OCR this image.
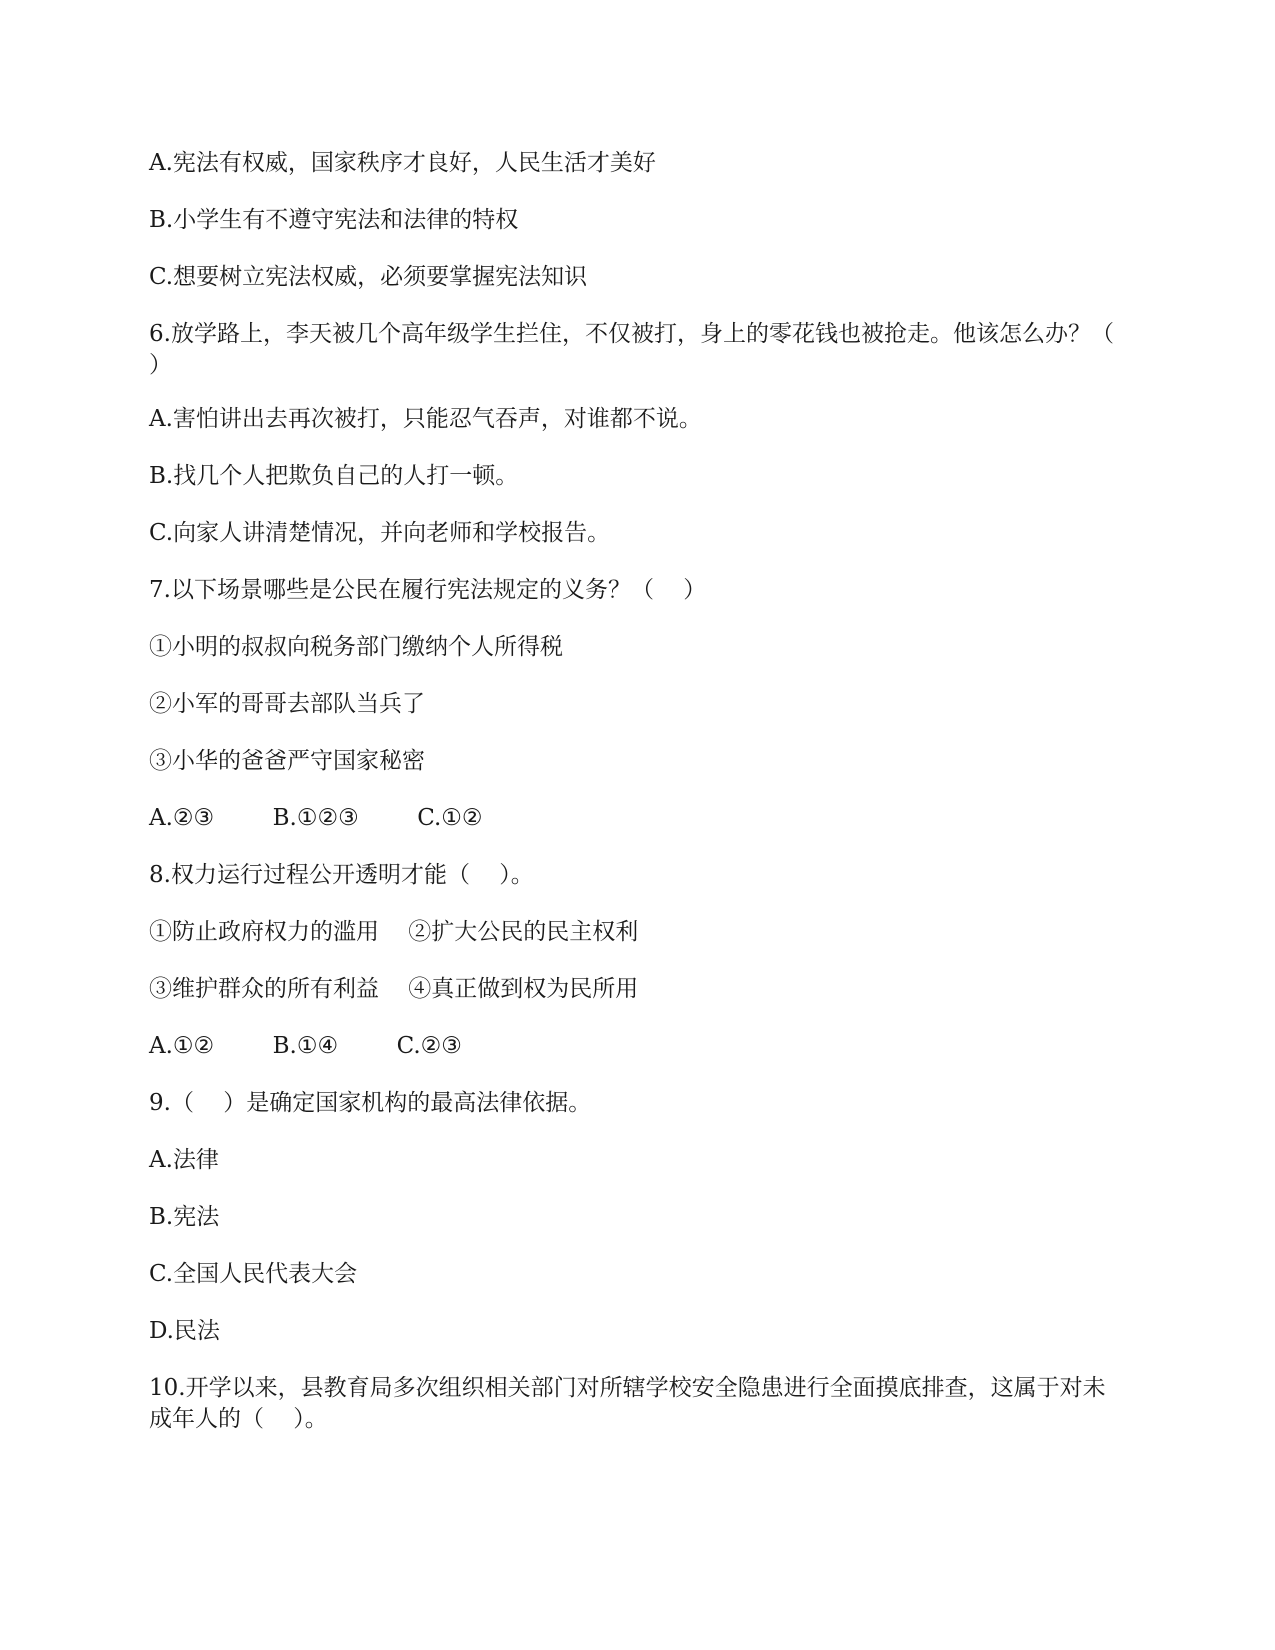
A.宪法有权威，国家秩序才良好，人民生活才美好

B.小学生有不遵守宪法和法律的特权

C.想要树立宪法权威，必须要掌握宪法知识

6.放学路上，李天被几个高年级学生拦住，不仅被打，身上的零花钱也被抢走。他该怎么办？（    ）

A.害怕讲出去再次被打，只能忍气吞声，对谁都不说。

B.找几个人把欺负自己的人打一顿。

C.向家人讲清楚情况，并向老师和学校报告。

7.以下场景哪些是公民在履行宪法规定的义务？（    ）

①小明的叔叔向税务部门缴纳个人所得税

②小军的哥哥去部队当兵了

③小华的爸爸严守国家秘密

A.②③        B.①②③        C.①②

8.权力运行过程公开透明才能（    ）。

①防止政府权力的滥用    ②扩大公民的民主权利

③维护群众的所有利益    ④真正做到权为民所用

A.①②        B.①④        C.②③

9.（    ）是确定国家机构的最高法律依据。

A.法律

B.宪法

C.全国人民代表大会

D.民法

10.开学以来，县教育局多次组织相关部门对所辖学校安全隐患进行全面摸底排查，这属于对未成年人的（    ）。
